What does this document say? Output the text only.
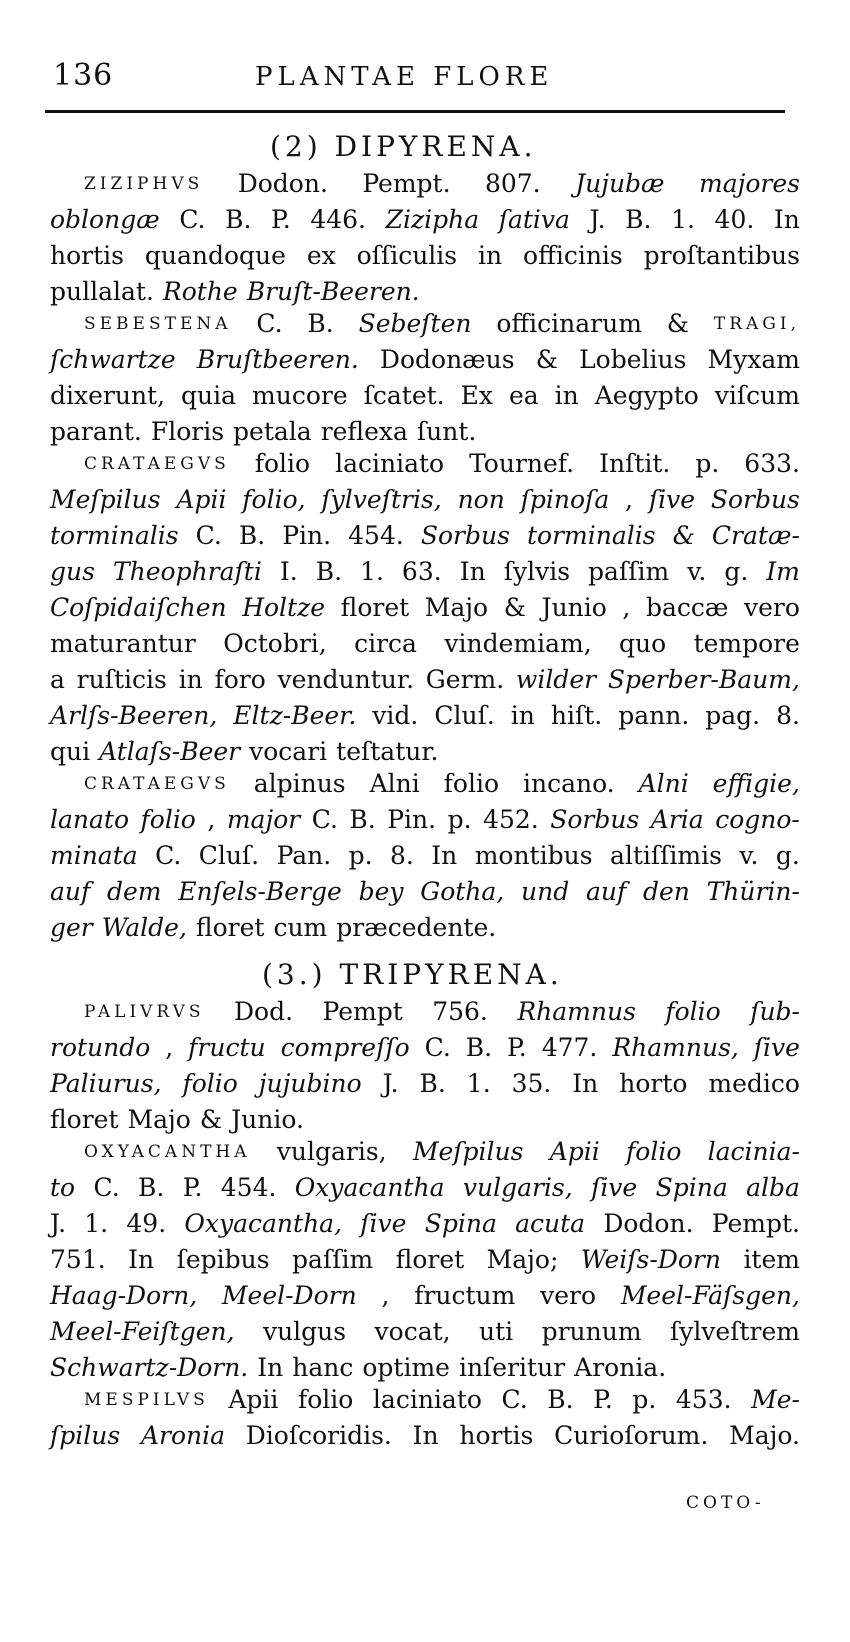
136	PLANTAE FLORE
(2) DIPYRENA.
(3.) TRIPYRENA.
ZIZIPHVS Dodon. Pempt. 807. Jujubæ majores
oblongæ C. B. P. 446. Zizipha ſativa J. B. 1. 40. In
hortis quandoque ex oſſiculis in officinis proſtantibus
pullalat. Rothe Bruſt-Beeren.
SEBESTENA C. B. Sebeſten officinarum & TRAGI,
ſchwartze Bruſtbeeren. Dodonæus & Lobelius Myxam
dixerunt, quia mucore ſcatet. Ex ea in Aegypto viſcum
parant. Floris petala reflexa ſunt.
CRATAEGVS folio laciniato Tournef. Inſtit. p. 633.
Meſpilus Apii folio, ſylveſtris, non ſpinoſa , ſive Sorbus
torminalis C. B. Pin. 454. Sorbus torminalis & Cratæ-
gus Theophraſti I. B. 1. 63. In ſylvis paſſim v. g. Im
Coſpidaiſchen Holtze floret Majo & Junio , baccæ vero
maturantur Octobri, circa vindemiam, quo tempore
a ruſticis in foro venduntur. Germ. wilder Sperber-Baum,
Arlſs-Beeren, Eltz-Beer. vid. Cluſ. in hiſt. pann. pag. 8.
qui Atlaſs-Beer vocari teſtatur.
CRATAEGVS alpinus Alni folio incano. Alni effigie,
lanato folio , major C. B. Pin. p. 452. Sorbus Aria cogno-
minata C. Cluſ. Pan. p. 8. In montibus altiſſimis v. g.
auf dem Enſels-Berge bey Gotha, und auf den Thürin-
ger Walde, floret cum præcedente.
PALIVRVS Dod. Pempt 756. Rhamnus folio ſub-
rotundo , fructu compreſſo C. B. P. 477. Rhamnus, ſive
Paliurus, folio jujubino J. B. 1. 35. In horto medico
floret Majo & Junio.
OXYACANTHA vulgaris, Meſpilus Apii folio lacinia-
to C. B. P. 454. Oxyacantha vulgaris, ſive Spina alba
J. 1. 49. Oxyacantha, ſive Spina acuta Dodon. Pempt.
751. In ſepibus paſſim floret Majo; Weiſs-Dorn item
Haag-Dorn, Meel-Dorn , fructum vero Meel-Fäſsgen,
Meel-Feiſtgen, vulgus vocat, uti prunum ſylveſtrem
Schwartz-Dorn. In hanc optime inſeritur Aronia.
MESPILVS Apii folio laciniato C. B. P. p. 453. Me-
ſpilus Aronia Dioſcoridis. In hortis Curioſorum. Majo.
COTO-
